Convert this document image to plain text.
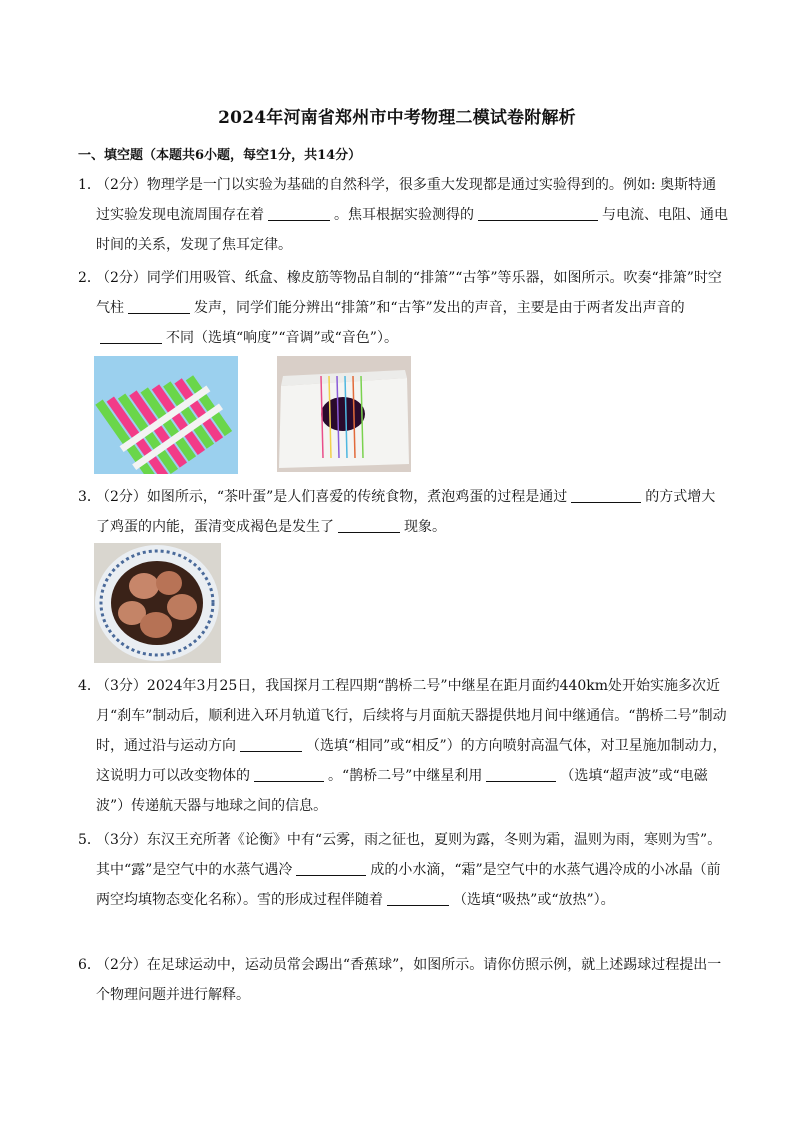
2024年河南省郑州市中考物理二模试卷附解析
一、填空题（本题共6小题，每空1分，共14分）
1．
（2分）物理学是一门以实验为基础的自然科学，很多重大发现都是通过实验得到的。例如: 奥斯特通过实验发现电流周围存在着	。焦耳根据实验测得的	与电流、电阻、通电时间的关系，发现了焦耳定律。
2．
（2分）同学们用吸管、纸盒、橡皮筋等物品自制的“排箫”“古筝”等乐器，如图所示。吹奏“排箫”时空气柱	发声，同学们能分辨出“排箫”和“古筝”发出的声音，主要是由于两者发出声音的不同（选填“响度”“音调”或“音色”）。
3．
（2分）如图所示，“茶叶蛋”是人们喜爱的传统食物，煮泡鸡蛋的过程是通过	的方式增大了鸡蛋的内能，蛋清变成褐色是发生了	现象。
4．
（3分）2024年3月25日，我国探月工程四期“鹊桥二号”中继星在距月面约440km处开始实施多次近月“刹车”制动后，顺利进入环月轨道飞行，后续将与月面航天器提供地月间中继通信。“鹊桥二号”制动时，通过沿与运动方向	（选填“相同”或“相反”）的方向喷射高温气体，对卫星施加制动力，这说明力可以改变物体的	。“鹊桥二号”中继星利用	（选填“超声波”或“电磁波”）传递航天器与地球之间的信息。
5．
（3分）东汉王充所著《论衡》中有“云雾，雨之征也，夏则为露，冬则为霜，温则为雨，寒则为雪”。其中“露”是空气中的水蒸气遇冷	成的小水滴，“霜”是空气中的水蒸气遇冷成的小冰晶（前两空均填物态变化名称）。雪的形成过程伴随着	（选填“吸热”或“放热”）。
6．
（2分）在足球运动中，运动员常会踢出“香蕉球”，如图所示。请你仿照示例，就上述踢球过程提出一个物理问题并进行解释。
